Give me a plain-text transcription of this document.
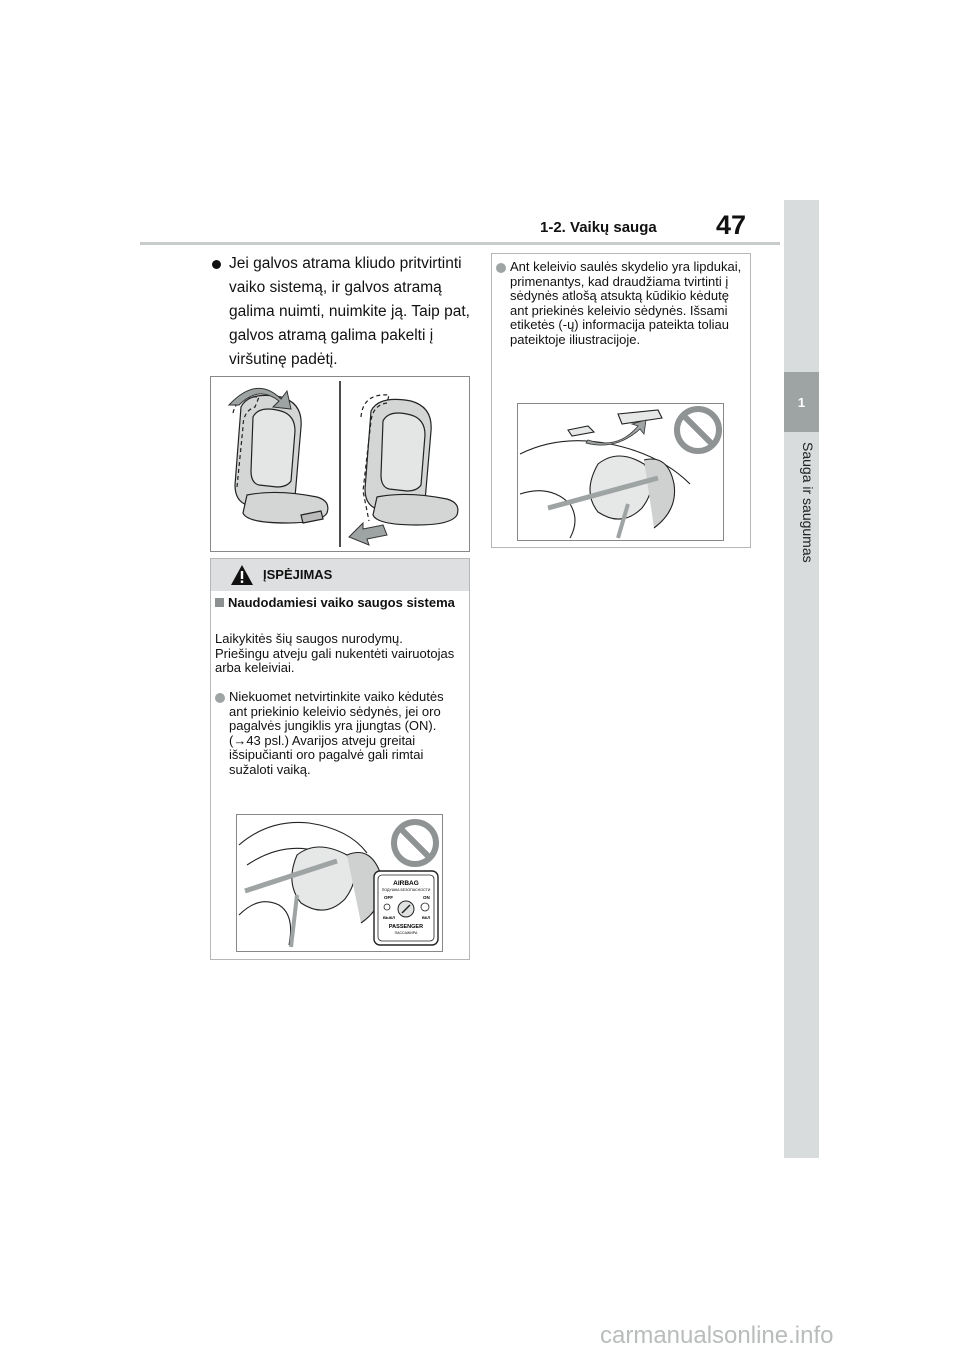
1
Sauga ir saugumas
1-2. Vaikų sauga 47
Jei galvos atrama kliudo pritvirtinti vaiko sistemą, ir galvos atramą galima nuimti, nuimkite ją. Taip pat, galvos atramą galima pakelti į viršutinę padėtį.
ĮSPĖJIMAS
Naudodamiesi vaiko saugos sistema
Laikykitės šių saugos nurodymų. Priešingu atveju gali nukentėti vairuotojas arba keleiviai.
Niekuomet netvirtinkite vaiko kėdutės ant priekinio keleivio sėdynės, jei oro pagalvės jungiklis yra įjungtas (ON). (→43 psl.) Avarijos atveju greitai išsipučianti oro pagalvė gali rimtai sužaloti vaiką.
AIRBAG
ПОДУШКА БЕЗОПАСНОСТИ
OFF	ON
ВЫКЛ	ВКЛ
PASSENGER
ПАССАЖИРА
Ant keleivio saulės skydelio yra lipdukai, primenantys, kad draudžiama tvirtinti į sėdynės atlošą atsuktą kūdikio kėdutę ant priekinės keleivio sėdynės. Išsami etiketės (-ų) informacija pateikta toliau pateiktoje iliustracijoje.
carmanualsonline.info
